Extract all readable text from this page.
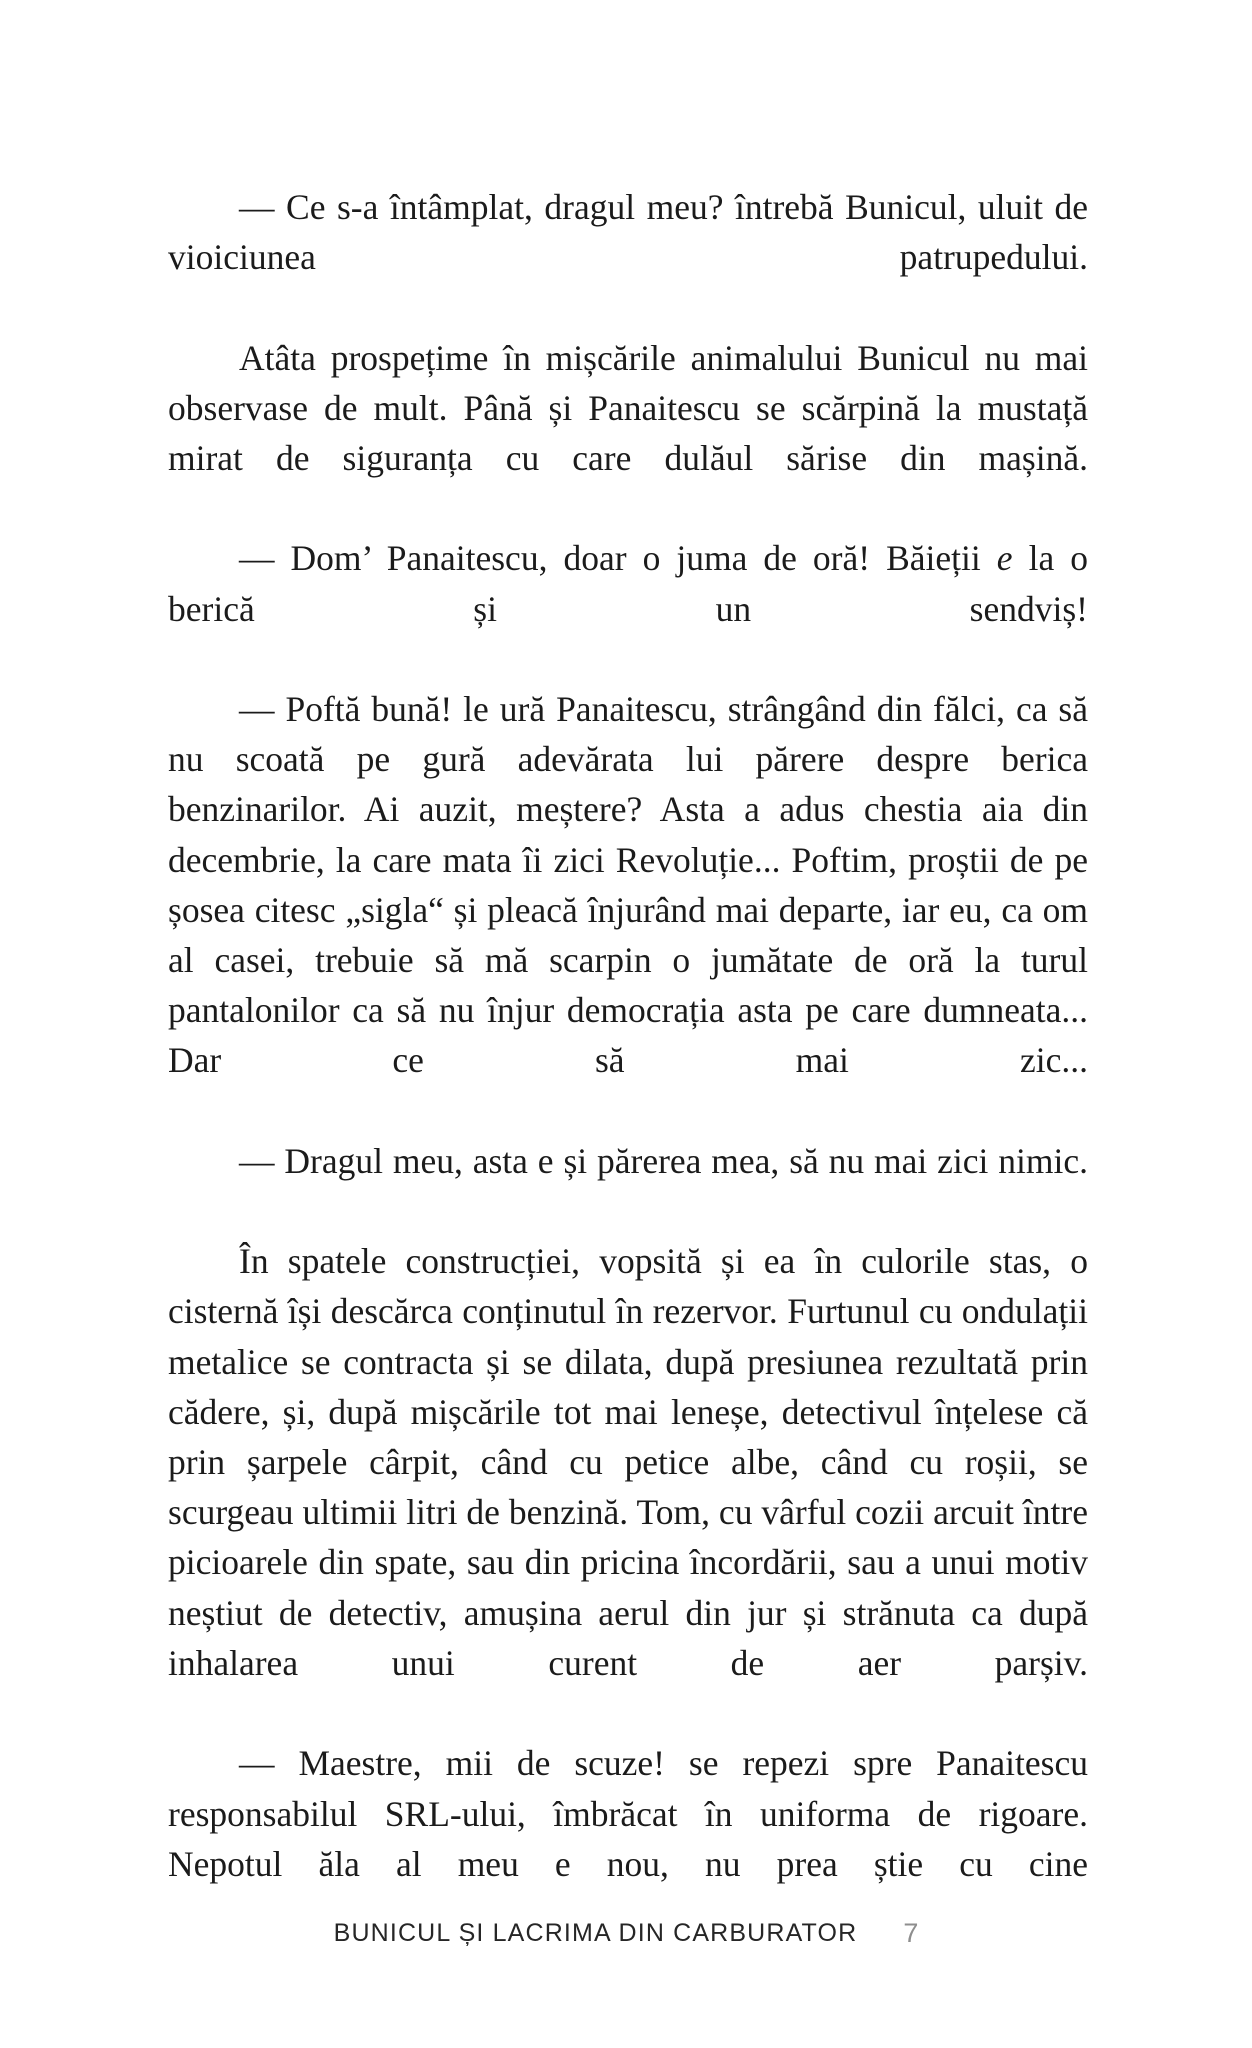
— Ce s-a întâmplat, dragul meu? întrebă Bunicul, uluit de vioiciunea patrupedului.

Atâta prospețime în mișcările animalului Bunicul nu mai observase de mult. Până și Panaitescu se scărpină la mustață mirat de siguranța cu care dulăul sărise din mașină.

— Dom’ Panaitescu, doar o juma de oră! Băieții e la o berică și un sendviș!

— Poftă bună! le ură Panaitescu, strângând din fălci, ca să nu scoată pe gură adevărata lui părere despre berica benzinarilor. Ai auzit, meștere? Asta a adus chestia aia din decembrie, la care mata îi zici Revoluție... Poftim, proștii de pe șosea citesc „sigla“ și pleacă înjurând mai departe, iar eu, ca om al casei, trebuie să mă scarpin o jumătate de oră la turul pantalonilor ca să nu înjur democrația asta pe care dumneata... Dar ce să mai zic...

— Dragul meu, asta e și părerea mea, să nu mai zici nimic.

În spatele construcției, vopsită și ea în culorile stas, o cisternă își descărca conținutul în rezervor. Furtunul cu ondulații metalice se contracta și se dilata, după presiunea rezultată prin cădere, și, după mișcările tot mai leneșe, detectivul înțelese că prin șarpele cârpit, când cu petice albe, când cu roșii, se scurgeau ultimii litri de benzină. Tom, cu vârful cozii arcuit între picioarele din spate, sau din pricina încordării, sau a unui motiv neștiut de detectiv, amușina aerul din jur și strănuta ca după inhalarea unui curent de aer parșiv.

— Maestre, mii de scuze! se repezi spre Panaitescu responsabilul SRL-ului, îmbrăcat în uniforma de rigoare. Nepotul ăla al meu e nou, nu prea știe cu cine

BUNICUL ȘI LACRIMA DIN CARBURATOR 7
